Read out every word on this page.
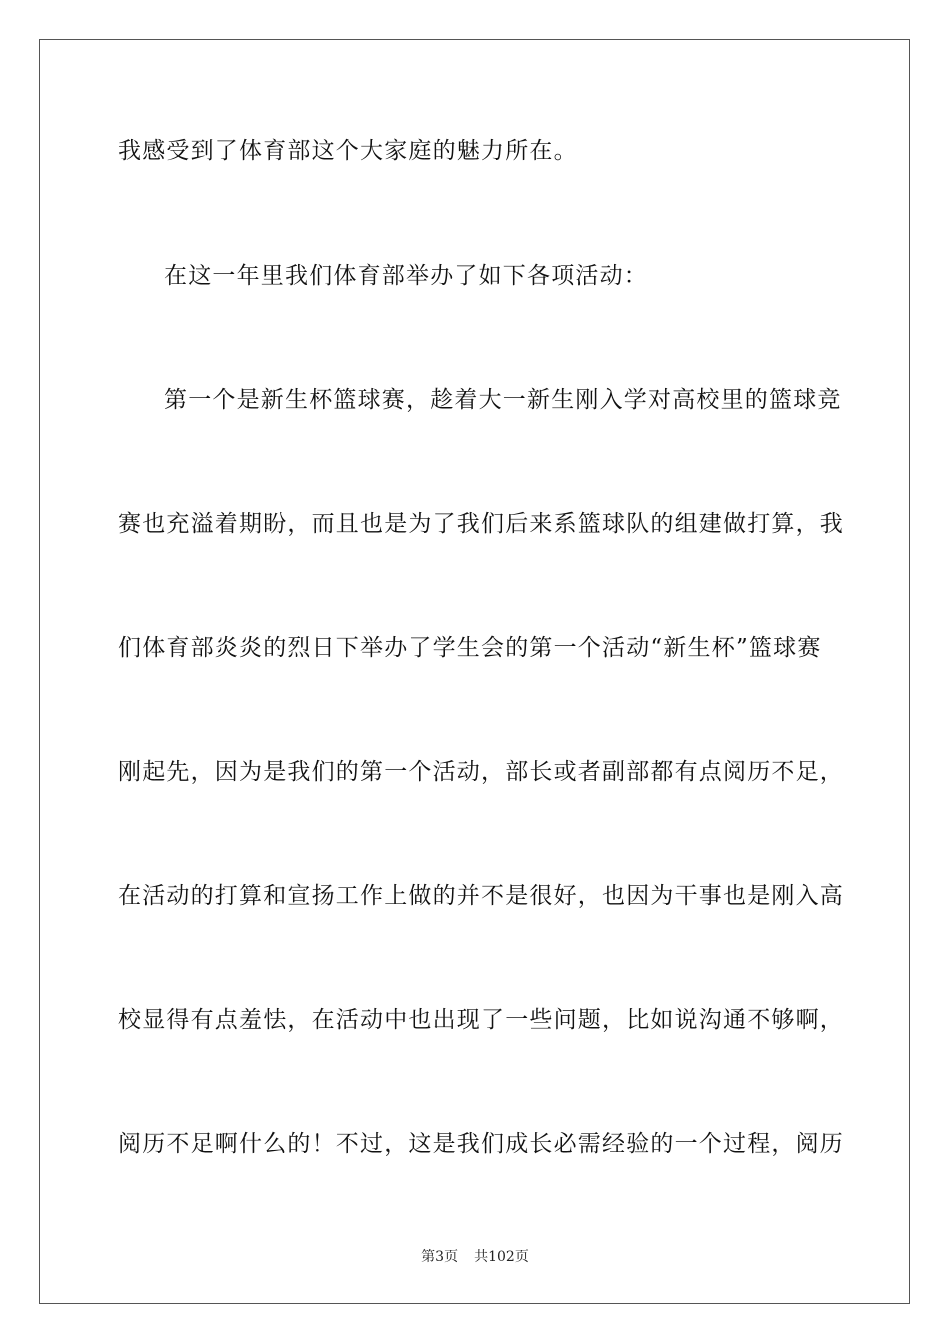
我感受到了体育部这个大家庭的魅力所在。
在这一年里我们体育部举办了如下各项活动：
第一个是新生杯篮球赛，趁着大一新生刚入学对高校里的篮球竞
赛也充溢着期盼，而且也是为了我们后来系篮球队的组建做打算，我
们体育部炎炎的烈日下举办了学生会的第一个活动“新生杯”篮球赛
刚起先，因为是我们的第一个活动，部长或者副部都有点阅历不足，
在活动的打算和宣扬工作上做的并不是很好，也因为干事也是刚入高
校显得有点羞怯，在活动中也出现了一些问题，比如说沟通不够啊，
阅历不足啊什么的！不过，这是我们成长必需经验的一个过程，阅历
第3页 共102页
